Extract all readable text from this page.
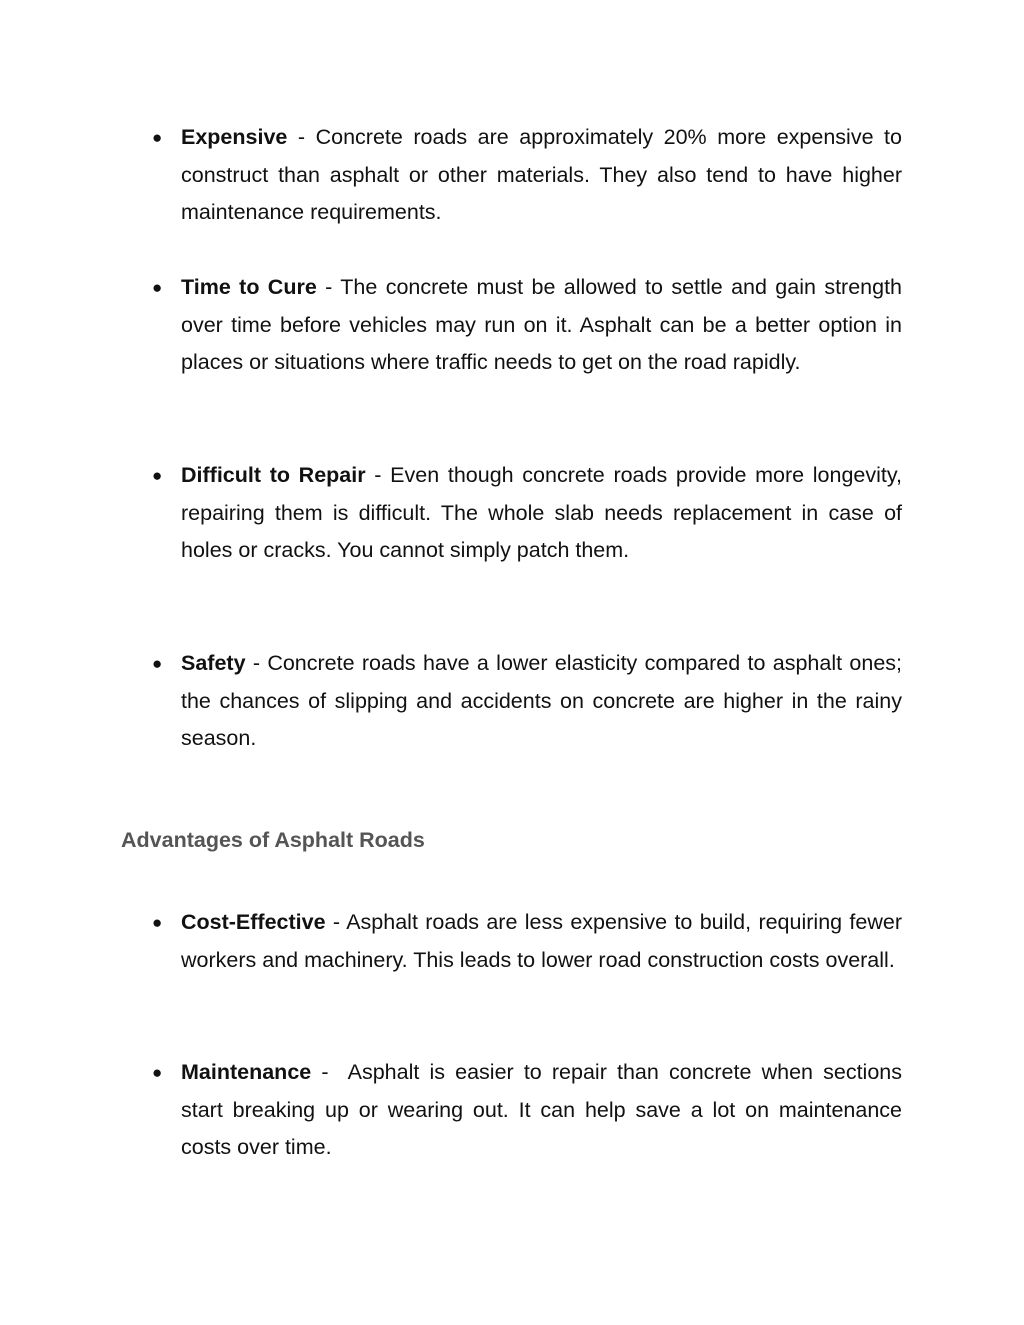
● Expensive - Concrete roads are approximately 20% more expensive to construct than asphalt or other materials. They also tend to have higher maintenance requirements.
● Time to Cure - The concrete must be allowed to settle and gain strength over time before vehicles may run on it. Asphalt can be a better option in places or situations where traffic needs to get on the road rapidly.
● Difficult to Repair - Even though concrete roads provide more longevity, repairing them is difficult. The whole slab needs replacement in case of holes or cracks. You cannot simply patch them.
● Safety - Concrete roads have a lower elasticity compared to asphalt ones; the chances of slipping and accidents on concrete are higher in the rainy season.
Advantages of Asphalt Roads
● Cost-Effective - Asphalt roads are less expensive to build, requiring fewer workers and machinery. This leads to lower road construction costs overall.
● Maintenance -  Asphalt is easier to repair than concrete when sections start breaking up or wearing out. It can help save a lot on maintenance costs over time.
